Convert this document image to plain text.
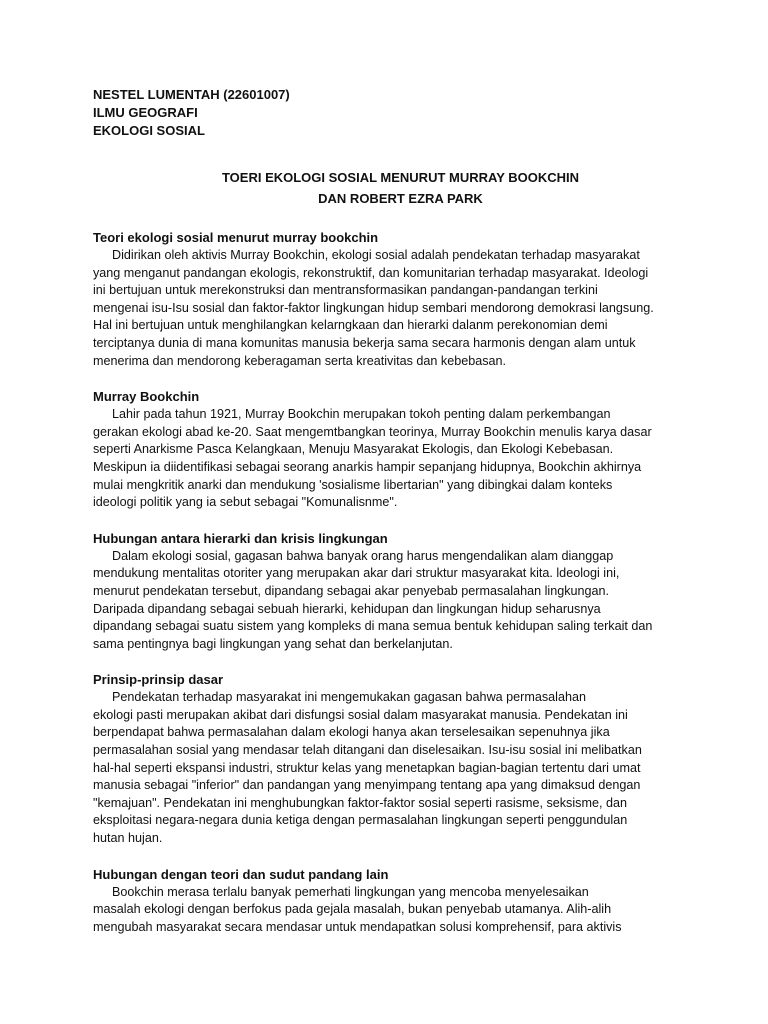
NESTEL LUMENTAH (22601007)
ILMU GEOGRAFI
EKOLOGI SOSIAL
TOERI EKOLOGI SOSIAL MENURUT MURRAY BOOKCHIN
DAN ROBERT EZRA PARK
Teori ekologi sosial menurut murray bookchin
Didirikan oleh aktivis Murray Bookchin, ekologi sosial adalah pendekatan terhadap masyarakat
yang menganut pandangan ekologis, rekonstruktif, dan komunitarian terhadap masyarakat. Ideologi
ini bertujuan untuk merekonstruksi dan mentransformasikan pandangan-pandangan terkini
mengenai isu-Isu sosial dan faktor-faktor lingkungan hidup sembari mendorong demokrasi langsung.
Hal ini bertujuan untuk menghilangkan kelarngkaan dan hierarki dalanm perekonomian demi
terciptanya dunia di mana komunitas manusia bekerja sama secara harmonis dengan alam untuk
menerima dan mendorong keberagaman serta kreativitas dan kebebasan.
Murray Bookchin
Lahir pada tahun 1921, Murray Bookchin merupakan tokoh penting dalam perkembangan
gerakan ekologi abad ke-20. Saat mengemtbangkan teorinya, Murray Bookchin menulis karya dasar
seperti Anarkisme Pasca Kelangkaan, Menuju Masyarakat Ekologis, dan Ekologi Kebebasan.
Meskipun ia diidentifikasi sebagai seorang anarkis hampir sepanjang hidupnya, Bookchin akhirnya
mulai mengkritik anarki dan mendukung 'sosialisme libertarian" yang dibingkai dalam konteks
ideologi politik yang ia sebut sebagai "Komunalisnme".
Hubungan antara hierarki dan krisis lingkungan
Dalam ekologi sosial, gagasan bahwa banyak orang harus mengendalikan alam dianggap
mendukung mentalitas otoriter yang merupakan akar dari struktur masyarakat kita. ldeologi ini,
menurut pendekatan tersebut, dipandang sebagai akar penyebab permasalahan lingkungan.
Daripada dipandang sebagai sebuah hierarki, kehidupan dan lingkungan hidup seharusnya
dipandang sebagai suatu sistem yang kompleks di mana semua bentuk kehidupan saling terkait dan
sama pentingnya bagi lingkungan yang sehat dan berkelanjutan.
Prinsip-prinsip dasar
Pendekatan terhadap masyarakat ini mengemukakan gagasan bahwa permasalahan
ekologi pasti merupakan akibat dari disfungsi sosial dalam masyarakat manusia. Pendekatan ini
berpendapat bahwa permasalahan dalam ekologi hanya akan terselesaikan sepenuhnya jika
permasalahan sosial yang mendasar telah ditangani dan diselesaikan. Isu-isu sosial ini melibatkan
hal-hal seperti ekspansi industri, struktur kelas yang menetapkan bagian-bagian tertentu dari umat
manusia sebagai "inferior" dan pandangan yang menyimpang tentang apa yang dimaksud dengan
"kemajuan". Pendekatan ini menghubungkan faktor-faktor sosial seperti rasisme, seksisme, dan
eksploitasi negara-negara dunia ketiga dengan permasalahan lingkungan seperti penggundulan
hutan hujan.
Hubungan dengan teori dan sudut pandang lain
Bookchin merasa terlalu banyak pemerhati lingkungan yang mencoba menyelesaikan
masalah ekologi dengan berfokus pada gejala masalah, bukan penyebab utamanya. Alih-alih
mengubah masyarakat secara mendasar untuk mendapatkan solusi komprehensif, para aktivis
